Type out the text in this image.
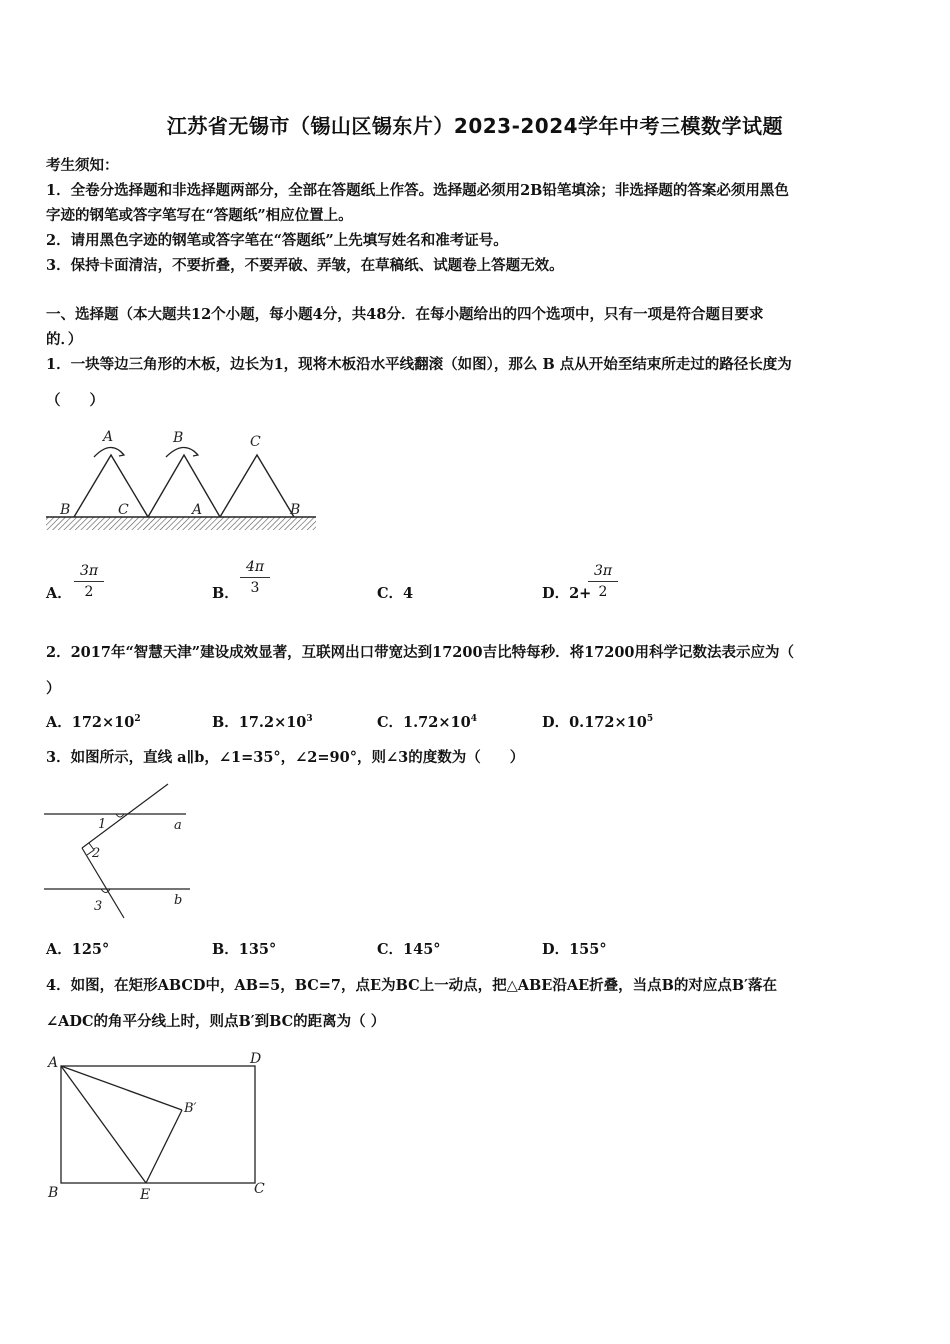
江苏省无锡市（锡山区锡东片）2023-2024学年中考三模数学试题
考生须知：
1．全卷分选择题和非选择题两部分，全部在答题纸上作答。选择题必须用2B铅笔填涂；非选择题的答案必须用黑色
字迹的钢笔或答字笔写在“答题纸”相应位置上。
2．请用黑色字迹的钢笔或答字笔在“答题纸”上先填写姓名和准考证号。
3．保持卡面清洁，不要折叠，不要弄破、弄皱，在草稿纸、试题卷上答题无效。
一、选择题（本大题共12个小题，每小题4分，共48分．在每小题给出的四个选项中，只有一项是符合题目要求
的．）
1．一块等边三角形的木板，边长为1，现将木板沿水平线翻滚（如图），那么 B 点从开始至结束所走过的路径长度为
（　　）
A	B	C
B	C	A	B
A． $\frac{3\pi}{2}$	B． $\frac{4\pi}{3}$	C．4	D．2+
$\frac{3\pi}{2}$
2．2017年“智慧天津”建设成效显著，互联网出口带宽达到17200吉比特每秒．将17200用科学记数法表示应为（
）
A．$172\times 10^2$	B．$17.2\times 10^3$	C．$1.72\times 10^4$	D．$0.172\times 10^5$
3．如图所示，直线 a∥b，∠1=35°，∠2=90°，则∠3的度数为（　　）
1	a
2
b
3
A．125°	B．135°	C．145°	D．155°
4．如图，在矩形ABCD中，AB=5，BC=7，点E为BC上一动点，把△ABE沿AE折叠，当点B的对应点B′落在
∠ADC的角平分线上时，则点B′到BC的距离为（ ）
A	D
B′
B	E	C
